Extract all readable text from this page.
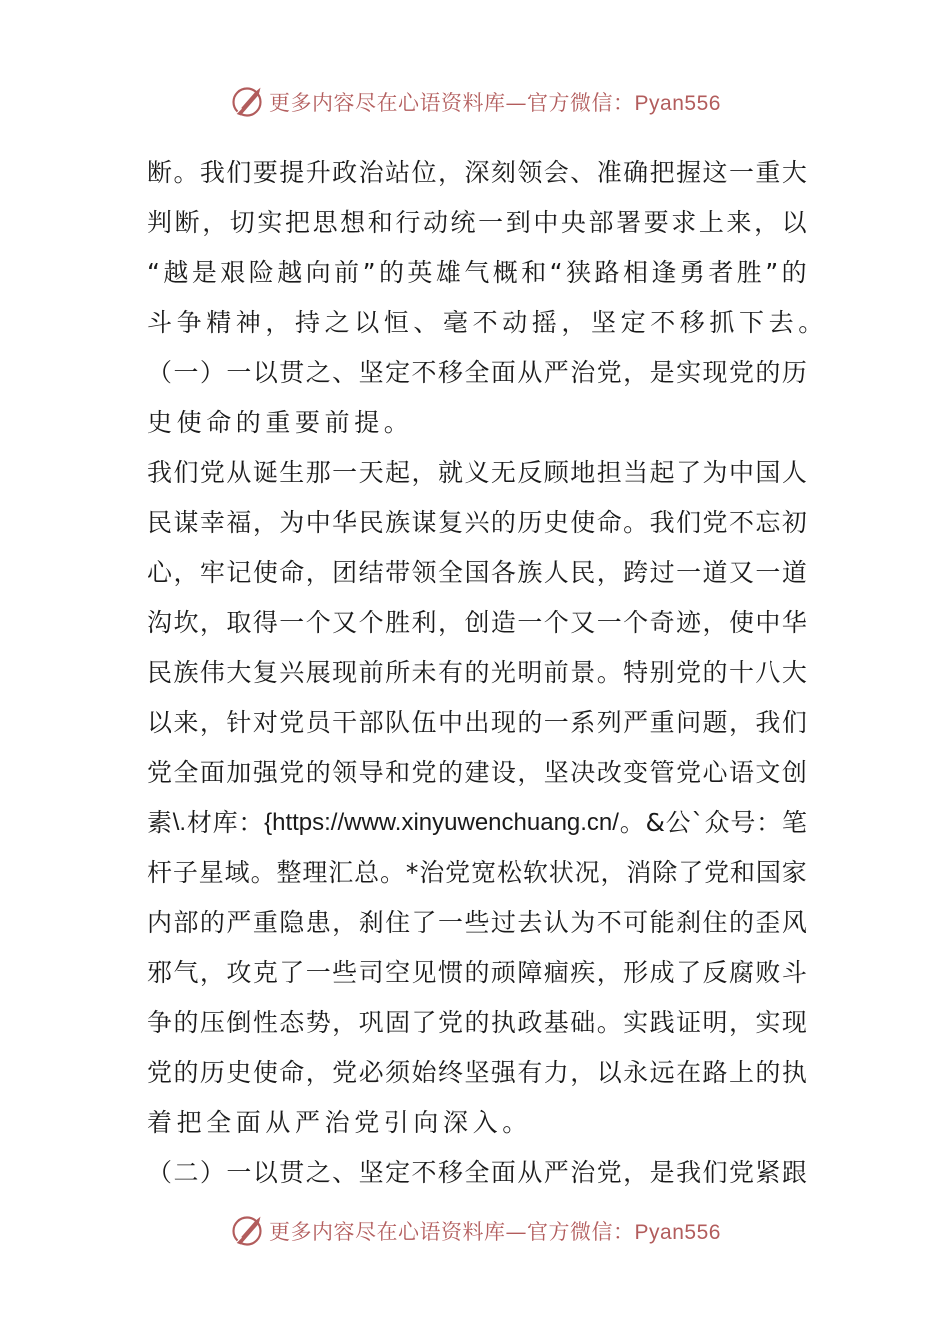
更多内容尽在心语资料库—官方微信：Pyan556
断 。 我 们 要 提 升 政 治 站 位 ， 深 刻 领 会 、 准 确 把 握 这 一 重 大
判 断 ， 切 实 把 思 想 和 行 动 统 一 到 中 央 部 署 要 求 上 来 ， 以
“ 越 是 艰 险 越 向 前 ” 的 英 雄 气 概 和 “ 狭 路 相 逢 勇 者 胜 ” 的
斗争精神，持之以恒、毫不动摇，坚定不移抓下去。
（ 一 ） 一 以 贯 之 、 坚 定 不 移 全 面 从 严 治 党 ， 是 实 现 党 的 历
史使命的重要前提。
我 们 党 从 诞 生 那 一 天 起 ， 就 义 无 反 顾 地 担 当 起 了 为 中 国 人
民 谋 幸 福 ， 为 中 华 民 族 谋 复 兴 的 历 史 使 命 。 我 们 党 不 忘 初
心 ， 牢 记 使 命 ， 团 结 带 领 全 国 各 族 人 民 ， 跨 过 一 道 又 一 道
沟 坎 ， 取 得 一 个 又 个 胜 利 ， 创 造 一 个 又 一 个 奇 迹 ， 使 中 华
民 族 伟 大 复 兴 展 现 前 所 未 有 的 光 明 前 景 。 特 别 党 的 十 八 大
以 来 ， 针 对 党 员 干 部 队 伍 中 出 现 的 一 系 列 严 重 问 题 ， 我 们
党 全 面 加 强 党 的 领 导 和 党 的 建 设 ， 坚 决 改 变 管 党 心 语 文 创
素 \. 材 库 ： {https://www.xinyuwenchuang.cn/ 。 & 公 ` 众 号 ： 笔
杆 子 星 域 。 整 理 汇 总 。 * 治 党 宽 松 软 状 况 ， 消 除 了 党 和 国 家
内 部 的 严 重 隐 患 ， 刹 住 了 一 些 过 去 认 为 不 可 能 刹 住 的 歪 风
邪 气 ， 攻 克 了 一 些 司 空 见 惯 的 顽 障 痼 疾 ， 形 成 了 反 腐 败 斗
争 的 压 倒 性 态 势 ， 巩 固 了 党 的 执 政 基 础 。 实 践 证 明 ， 实 现
党 的 历 史 使 命 ， 党 必 须 始 终 坚 强 有 力 ， 以 永 远 在 路 上 的 执
着把全面从严治党引向深入。
（ 二 ） 一 以 贯 之 、 坚 定 不 移 全 面 从 严 治 党 ， 是 我 们 党 紧 跟
更多内容尽在心语资料库—官方微信：Pyan556
